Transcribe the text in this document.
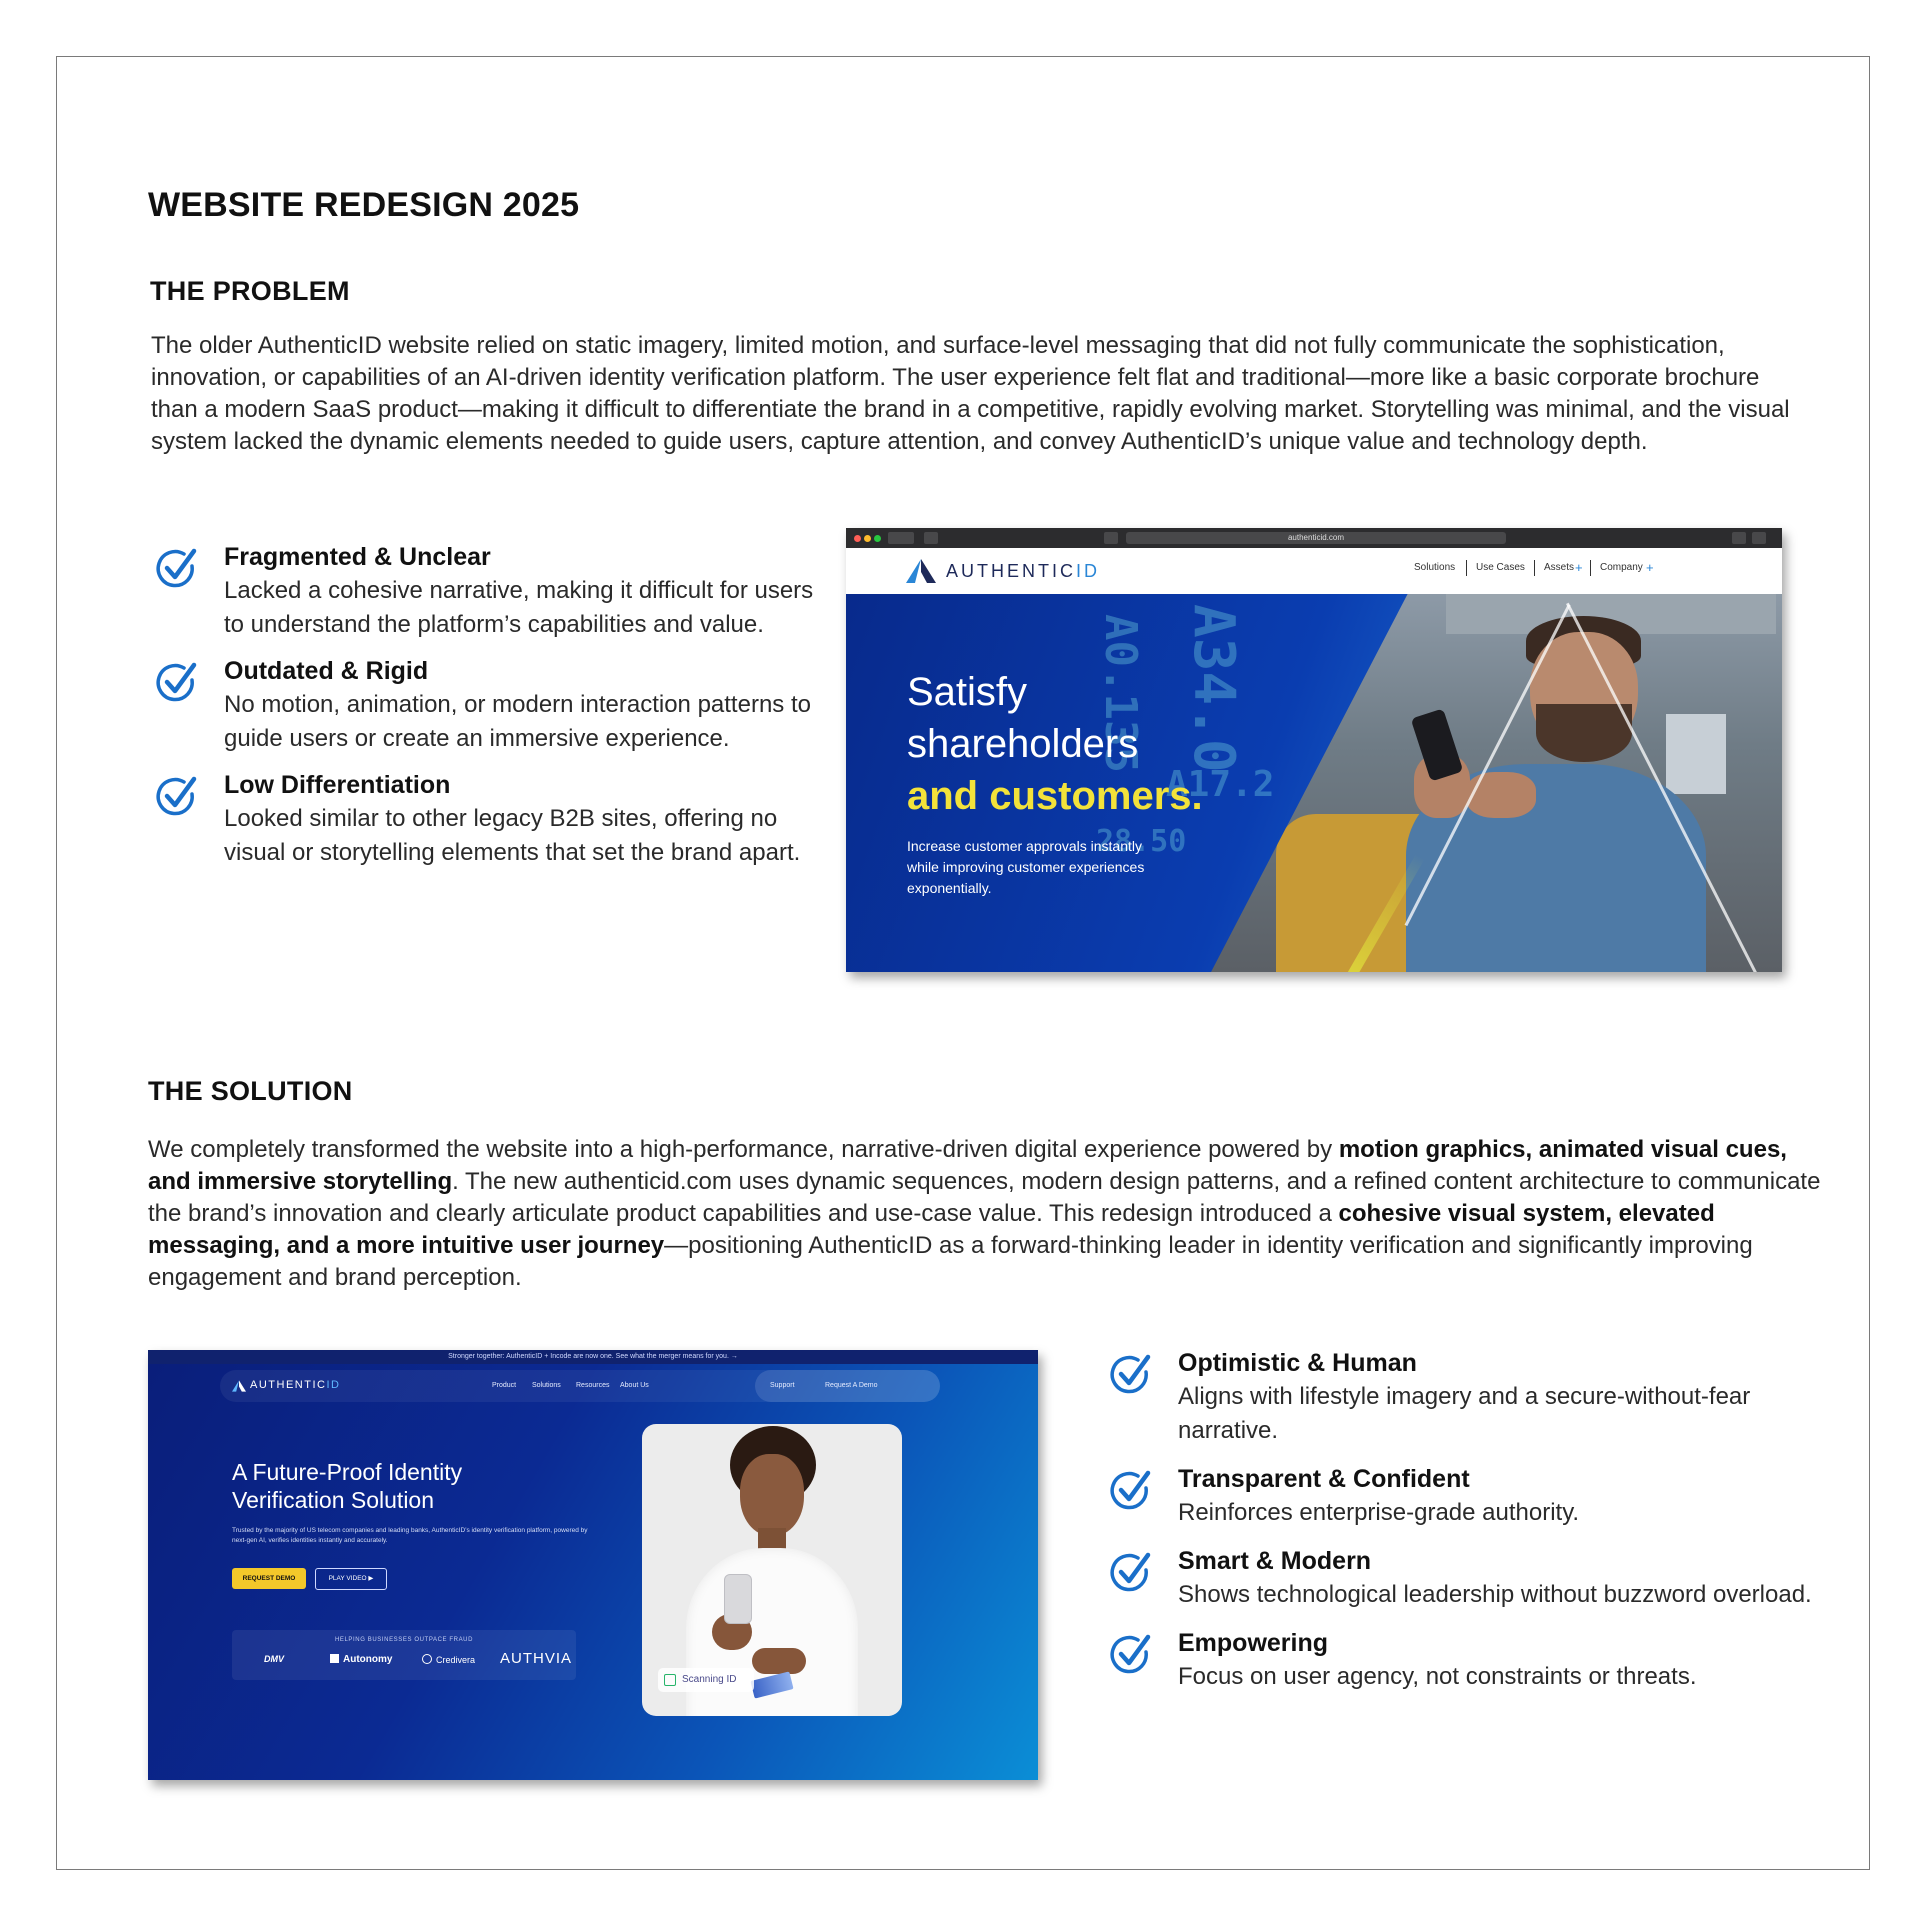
WEBSITE REDESIGN 2025
THE PROBLEM
The older AuthenticID website relied on static imagery, limited motion, and surface-level messaging that did not fully communicate the sophistication, innovation, or capabilities of an AI-driven identity verification platform. The user experience felt flat and traditional—more like a basic corporate brochure than a modern SaaS product—making it difficult to differentiate the brand in a competitive, rapidly evolving market. Storytelling was minimal, and the visual system lacked the dynamic elements needed to guide users, capture attention, and convey AuthenticID’s unique value and technology depth.
Fragmented & Unclear
Lacked a cohesive narrative, making it difficult for users to understand the platform’s capabilities and value.
Outdated & Rigid
No motion, animation, or modern interaction patterns to guide users or create an immersive experience.
Low Differentiation
Looked similar to other legacy B2B sites, offering no visual or storytelling elements that set the brand apart.
authenticid.com
AUTHENTICID	Solutions Use Cases Assets + Company +
A0.135 A34.0
A17.2
28.50
Satisfy
shareholders
and customers.
Increase customer approvals instantly while improving customer experiences exponentially.
THE SOLUTION
We completely transformed the website into a high-performance, narrative-driven digital experience powered by motion graphics, animated visual cues, and immersive storytelling. The new authenticid.com uses dynamic sequences, modern design patterns, and a refined content architecture to communicate the brand’s innovation and clearly articulate product capabilities and use-case value. This redesign introduced a cohesive visual system, elevated messaging, and a more intuitive user journey—positioning AuthenticID as a forward-thinking leader in identity verification and significantly improving engagement and brand perception.
Stronger together: AuthenticID + Incode are now one. See what the merger means for you. →
AUTHENTICID	Product Solutions Resources About Us	Support	Request A Demo
A Future-Proof Identity
Verification Solution
Trusted by the majority of US telecom companies and leading banks, AuthenticID’s identity verification platform, powered by next-gen AI, verifies identities instantly and accurately.
REQUEST DEMO	PLAY VIDEO ▶
HELPING BUSINESSES OUTPACE FRAUD
DMV	Autonomy	Credivera AUTHVIA
Scanning ID
Optimistic & Human
Aligns with lifestyle imagery and a secure-without-fear narrative.
Transparent & Confident
Reinforces enterprise-grade authority.
Smart & Modern
Shows technological leadership without buzzword overload.
Empowering
Focus on user agency, not constraints or threats.
